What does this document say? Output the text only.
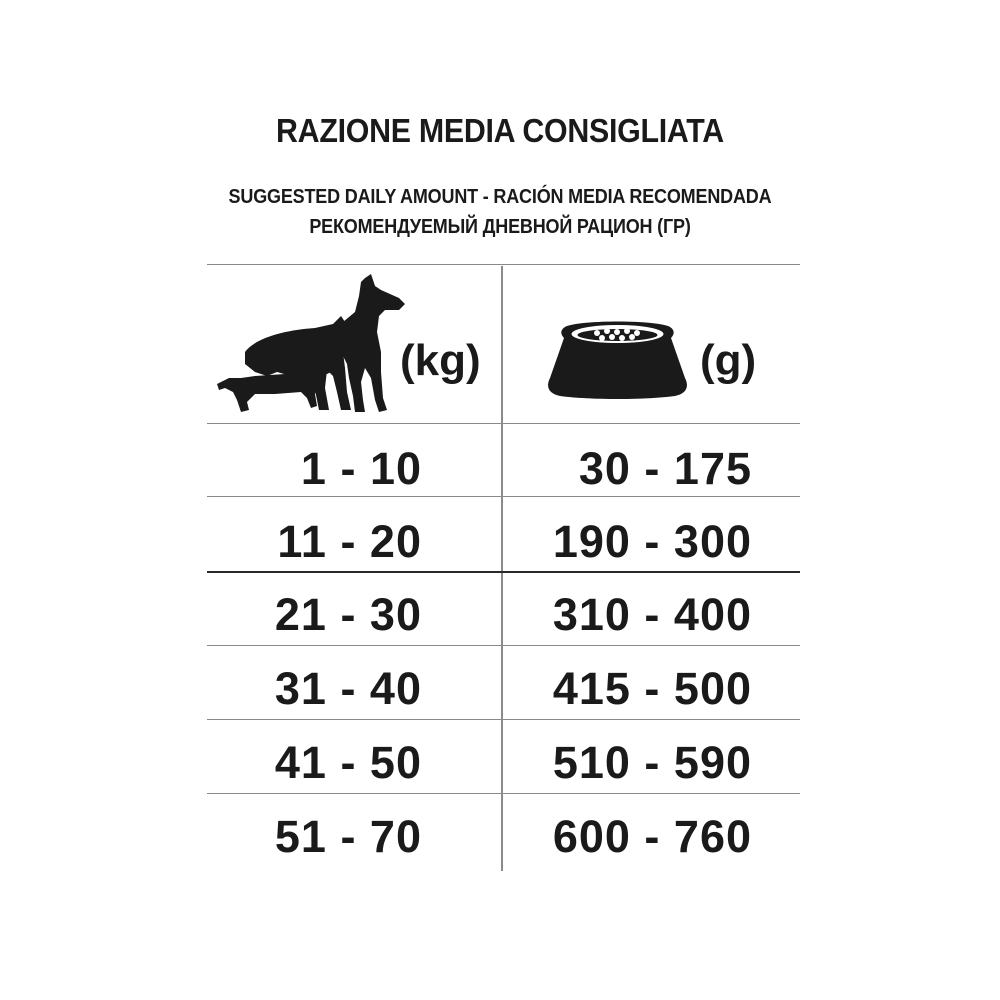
RAZIONE MEDIA CONSIGLIATA
SUGGESTED DAILY AMOUNT - RACIÓN MEDIA RECOMENDADA
РЕКОМЕНДУЕМЫЙ ДНЕВНОЙ РАЦИОН (ГР)
(kg)	(g)
1 - 10	30 - 175
11 - 20	190 - 300
21 - 30	310 - 400
31 - 40	415 - 500
41 - 50	510 - 590
51 - 70	600 - 760
